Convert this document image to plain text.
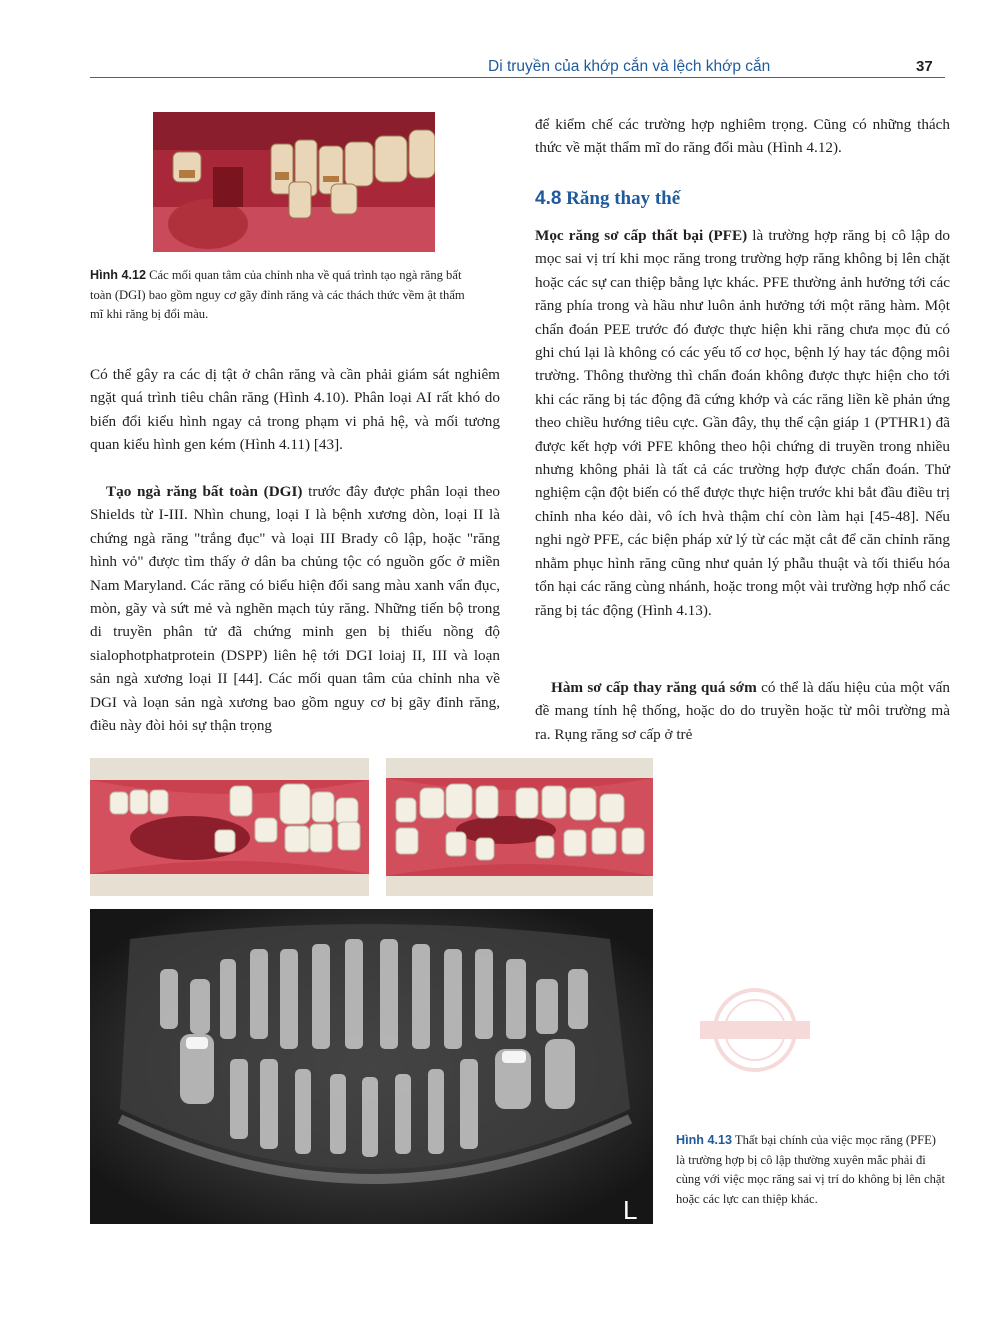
Di truyền của khớp cắn và lệch khớp cắn	37
Hình 4.12 Các mối quan tâm của chỉnh nha về quá trình tạo ngà răng bất toàn (DGI) bao gồm nguy cơ gãy đỉnh răng và các thách thức vềm ật thẩm mĩ khi răng bị đổi màu.
Có thể gây ra các dị tật ở chân răng và cần phải giám sát nghiêm ngặt quá trình tiêu chân răng (Hình 4.10). Phân loại AI rất khó do biến đổi kiểu hình ngay cả trong phạm vi phả hệ, và mối tương quan kiểu hình gen kém (Hình 4.11) [43].
Tạo ngà răng bất toàn (DGI) trước đây được phân loại theo Shields từ I-III. Nhìn chung, loại I là bệnh xương dòn, loại II là chứng ngà răng "trắng đục" và loại III Brady cô lập, hoặc "răng hình vỏ" được tìm thấy ở dân ba chủng tộc có nguồn gốc ở miền Nam Maryland. Các răng có biểu hiện đổi sang màu xanh vẩn đục, mòn, gãy và sứt mẻ và nghẽn mạch tủy răng. Những tiến bộ trong di truyền phân tử đã chứng minh gen bị thiếu nồng độ sialophotphatprotein (DSPP) liên hệ tới DGI loiaj II, III và loạn sản ngà xương loại II [44]. Các mối quan tâm của chỉnh nha về DGI và loạn sản ngà xương bao gồm nguy cơ bị gãy đỉnh răng, điều này đòi hỏi sự thận trọng
để kiểm chế các trường hợp nghiêm trọng. Cũng có những thách thức về mặt thẩm mĩ do răng đổi màu (Hình 4.12).
4.8 Răng thay thế
Mọc răng sơ cấp thất bại (PFE) là trường hợp răng bị cô lập do mọc sai vị trí khi mọc răng trong trường hợp răng không bị lên chặt hoặc các sự can thiệp bằng lực khác. PFE thường ảnh hưởng tới các răng phía trong và hầu như luôn ảnh hưởng tới một răng hàm. Một chẩn đoán PEE trước đó được thực hiện khi răng chưa mọc đủ có ghi chú lại là không có các yếu tố cơ học, bệnh lý hay tác động môi trường. Thông thường thì chẩn đoán không được thực hiện cho tới khi các răng bị tác động đã cứng khớp và các răng liền kề phản ứng theo chiều hướng tiêu cực. Gần đây, thụ thể cận giáp 1 (PTHR1) đã được kết hợp với PFE không theo hội chứng di truyền trong nhiều nhưng không phải là tất cả các trường hợp được chẩn đoán. Thử nghiệm cận đột biến có thể được thực hiện trước khi bắt đầu điều trị chỉnh nha kéo dài, vô ích hvà thậm chí còn làm hại [45-48]. Nếu nghi ngờ PFE, các biện pháp xử lý từ các mặt cắt để căn chỉnh răng nhằm phục hình răng cũng như quản lý phẫu thuật và tối thiểu hóa tổn hại các răng cùng nhánh, hoặc trong một vài trường hợp nhổ các răng bị tác động (Hình 4.13).
Hàm sơ cấp thay răng quá sớm có thể là dấu hiệu của một vấn đề mang tính hệ thống, hoặc do do truyền hoặc từ môi trường mà ra. Rụng răng sơ cấp ở trẻ
L
Hình 4.13 Thất bại chính của việc mọc răng (PFE) là trường hợp bị cô lập thường xuyên mắc phải đi cùng với việc mọc răng sai vị trí do không bị lên chặt hoặc các lực can thiệp khác.
